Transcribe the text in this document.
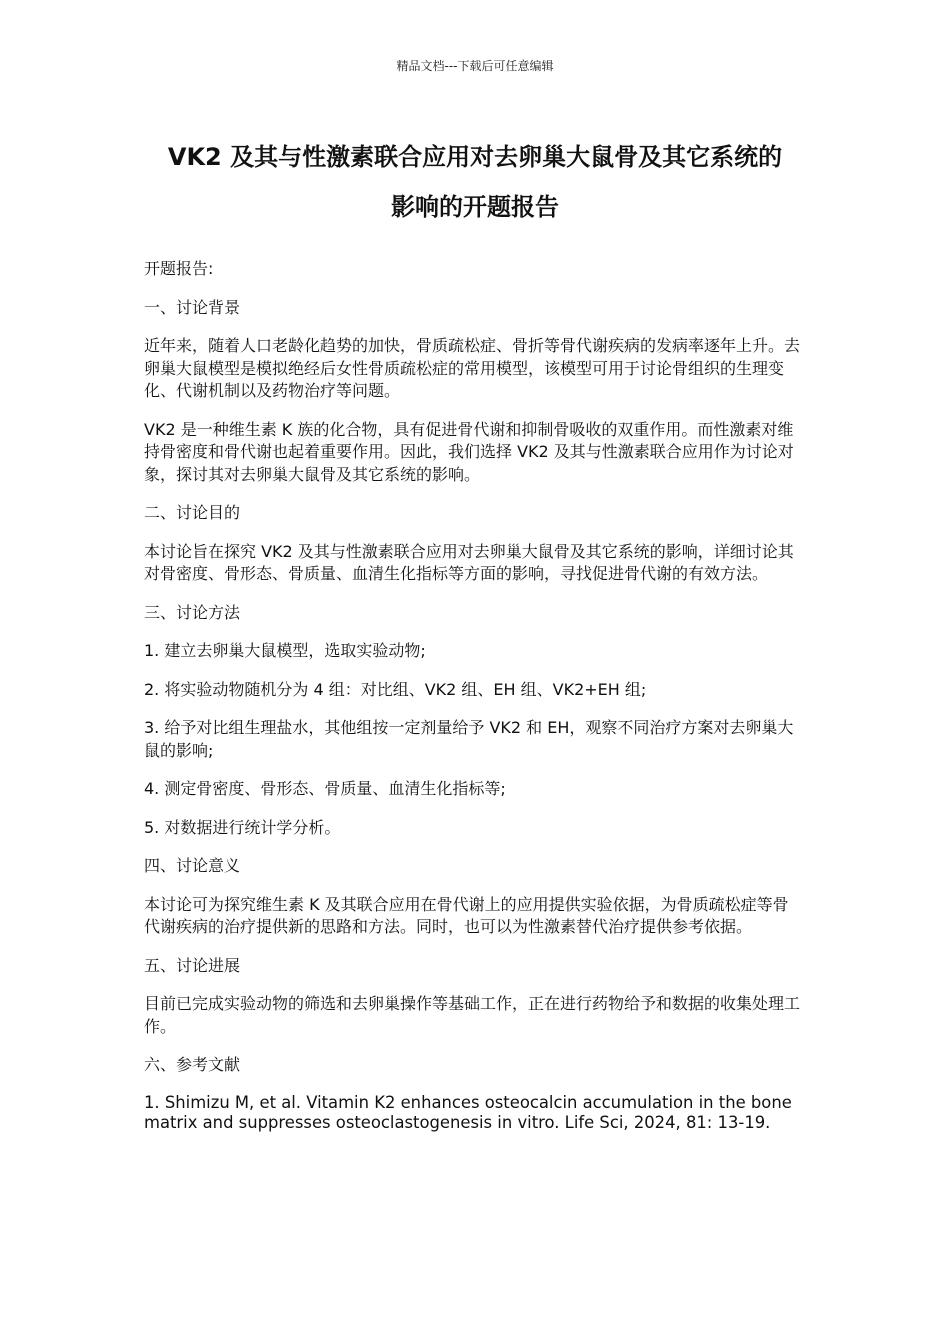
精品文档---下载后可任意编辑
VK2 及其与性激素联合应用对去卵巢大鼠骨及其它系统的
影响的开题报告

开题报告:

一、讨论背景

近年来，随着人口老龄化趋势的加快，骨质疏松症、骨折等骨代谢疾病的发病率逐年上升。去卵巢大鼠模型是模拟绝经后女性骨质疏松症的常用模型，该模型可用于讨论骨组织的生理变化、代谢机制以及药物治疗等问题。

VK2 是一种维生素 K 族的化合物，具有促进骨代谢和抑制骨吸收的双重作用。而性激素对维持骨密度和骨代谢也起着重要作用。因此，我们选择 VK2 及其与性激素联合应用作为讨论对象，探讨其对去卵巢大鼠骨及其它系统的影响。

二、讨论目的

本讨论旨在探究 VK2 及其与性激素联合应用对去卵巢大鼠骨及其它系统的影响，详细讨论其对骨密度、骨形态、骨质量、血清生化指标等方面的影响，寻找促进骨代谢的有效方法。

三、讨论方法

1. 建立去卵巢大鼠模型，选取实验动物;

2. 将实验动物随机分为 4 组：对比组、VK2 组、EH 组、VK2+EH 组;

3. 给予对比组生理盐水，其他组按一定剂量给予 VK2 和 EH，观察不同治疗方案对去卵巢大鼠的影响;

4. 测定骨密度、骨形态、骨质量、血清生化指标等;

5. 对数据进行统计学分析。

四、讨论意义

本讨论可为探究维生素 K 及其联合应用在骨代谢上的应用提供实验依据，为骨质疏松症等骨代谢疾病的治疗提供新的思路和方法。同时，也可以为性激素替代治疗提供参考依据。

五、讨论进展

目前已完成实验动物的筛选和去卵巢操作等基础工作，正在进行药物给予和数据的收集处理工作。

六、参考文献

1. Shimizu M, et al. Vitamin K2 enhances osteocalcin accumulation in the bone matrix and suppresses osteoclastogenesis in vitro. Life Sci, 2024, 81: 13-19.
